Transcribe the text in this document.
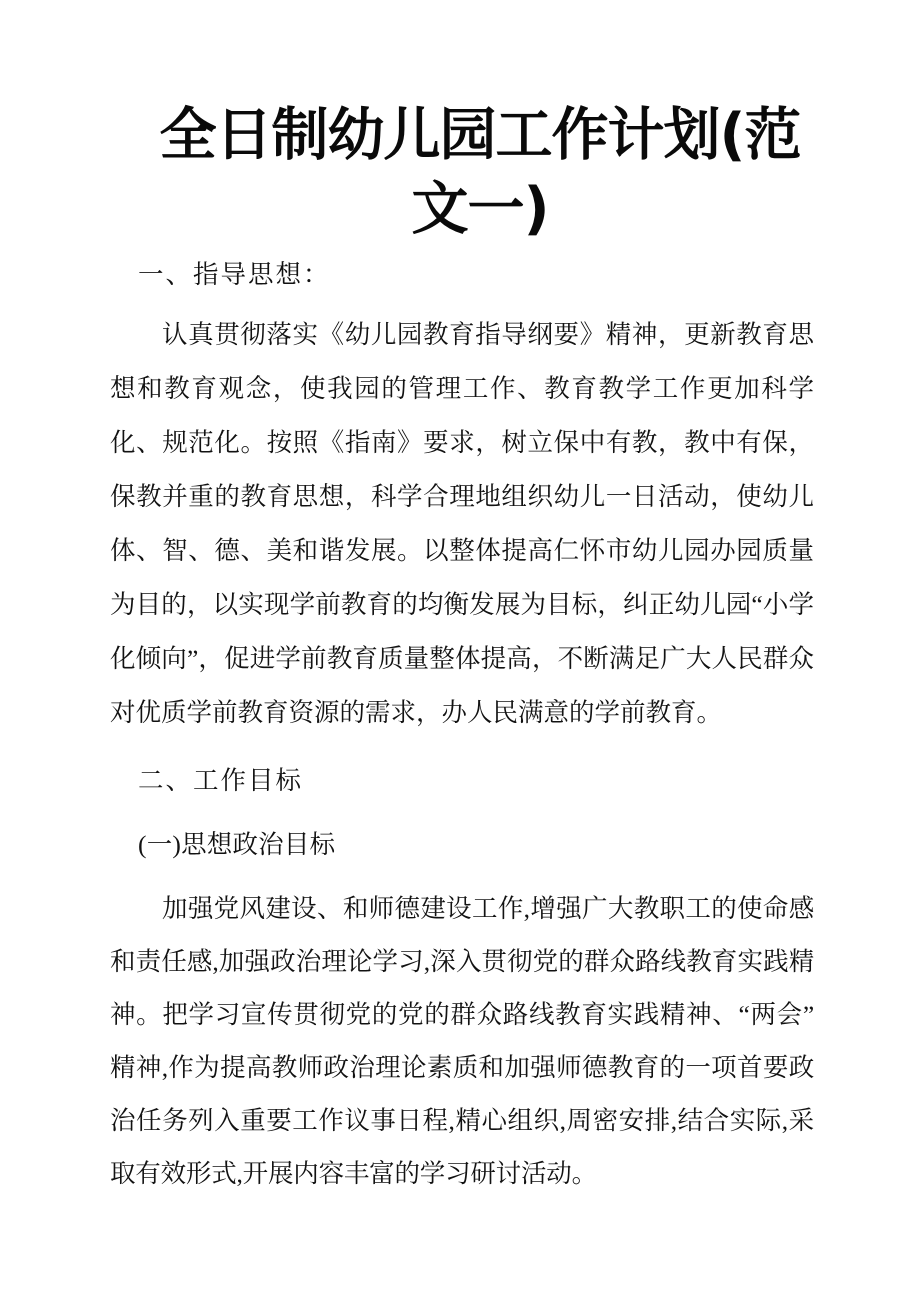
全日制幼儿园工作计划(范文一)

一、指导思想：

认真贯彻落实《幼儿园教育指导纲要》精神，更新教育思想和教育观念，使我园的管理工作、教育教学工作更加科学化、规范化。按照《指南》要求，树立保中有教，教中有保，保教并重的教育思想，科学合理地组织幼儿一日活动，使幼儿体、智、德、美和谐发展。以整体提高仁怀市幼儿园办园质量为目的，以实现学前教育的均衡发展为目标，纠正幼儿园“小学化倾向”，促进学前教育质量整体提高，不断满足广大人民群众对优质学前教育资源的需求，办人民满意的学前教育。

二、工作目标

(一)思想政治目标

加强党风建设、和师德建设工作,增强广大教职工的使命感和责任感,加强政治理论学习,深入贯彻党的群众路线教育实践精神。把学习宣传贯彻党的党的群众路线教育实践精神、“两会”精神,作为提高教师政治理论素质和加强师德教育的一项首要政治任务列入重要工作议事日程,精心组织,周密安排,结合实际,采取有效形式,开展内容丰富的学习研讨活动。
